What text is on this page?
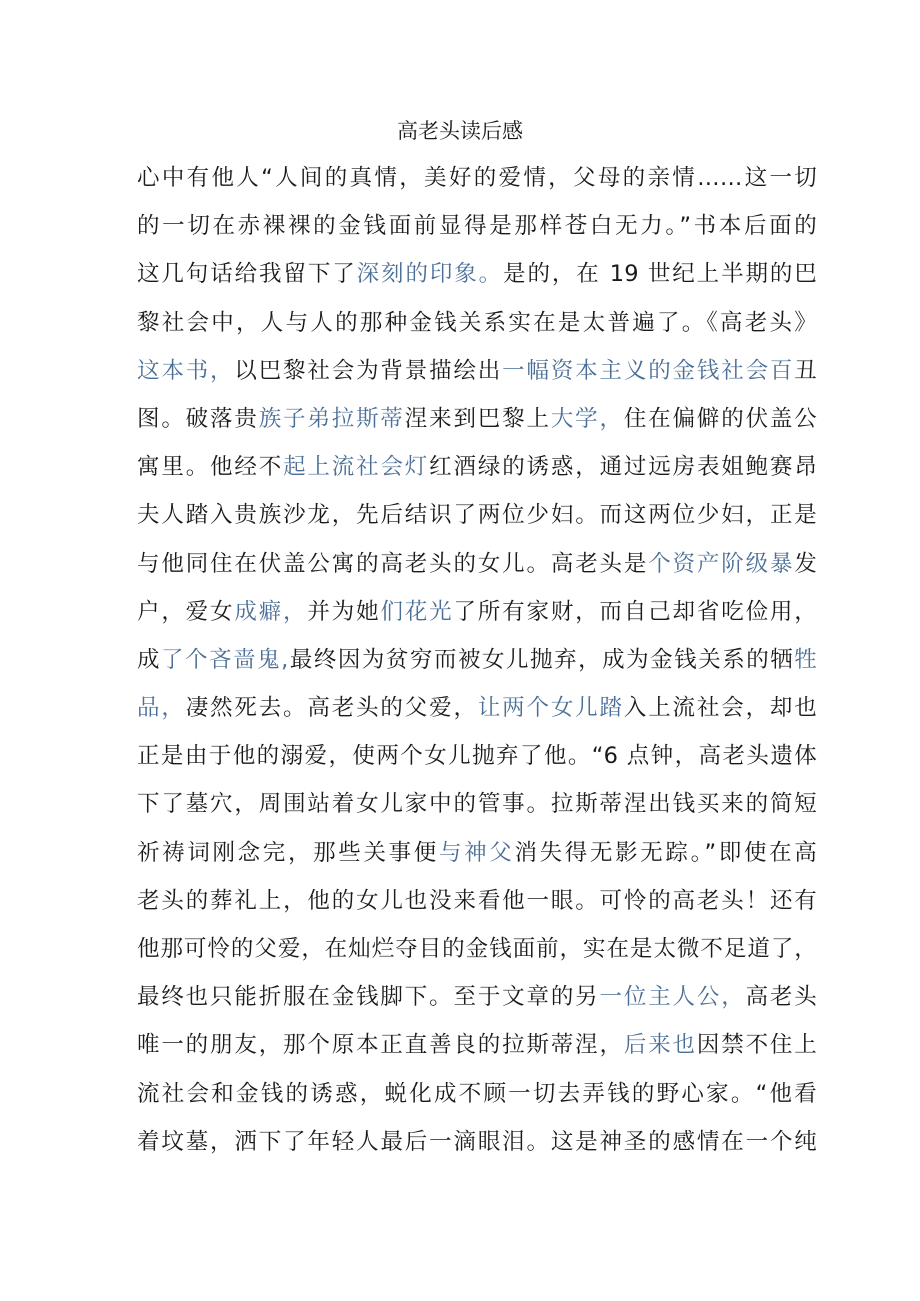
高老头读后感
心中有他人“人间的真情，美好的爱情，父母的亲情……这一切
的一切在赤裸裸的金钱面前显得是那样苍白无力。”书本后面的
这几句话给我留下了深刻的印象。是的，在 19 世纪上半期的巴
黎社会中，人与人的那种金钱关系实在是太普遍了。《高老头》
这本书，以巴黎社会为背景描绘出一幅资本主义的金钱社会百丑
图。破落贵族子弟拉斯蒂涅来到巴黎上大学，住在偏僻的伏盖公
寓里。他经不起上流社会灯红酒绿的诱惑，通过远房表姐鲍赛昂
夫人踏入贵族沙龙，先后结识了两位少妇。而这两位少妇，正是
与他同住在伏盖公寓的高老头的女儿。高老头是个资产阶级暴发
户，爱女成癖，并为她们花光了所有家财，而自己却省吃俭用，
成了个吝啬鬼,最终因为贫穷而被女儿抛弃，成为金钱关系的牺牲
品，凄然死去。高老头的父爱，让两个女儿踏入上流社会，却也
正是由于他的溺爱，使两个女儿抛弃了他。“6 点钟，高老头遗体
下了墓穴，周围站着女儿家中的管事。拉斯蒂涅出钱买来的简短
祈祷词刚念完，那些关事便与神父消失得无影无踪。”即使在高
老头的葬礼上，他的女儿也没来看他一眼。可怜的高老头！还有
他那可怜的父爱，在灿烂夺目的金钱面前，实在是太微不足道了，
最终也只能折服在金钱脚下。至于文章的另一位主人公，高老头
唯一的朋友，那个原本正直善良的拉斯蒂涅，后来也因禁不住上
流社会和金钱的诱惑，蜕化成不顾一切去弄钱的野心家。“他看
着坟墓，洒下了年轻人最后一滴眼泪。这是神圣的感情在一个纯
